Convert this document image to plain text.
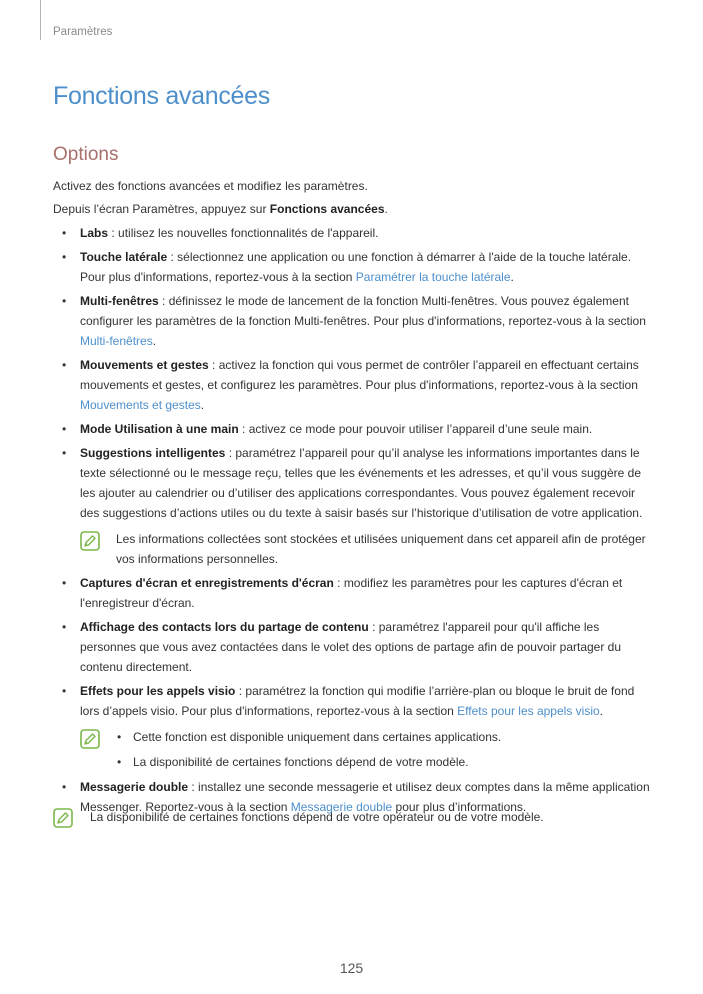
Paramètres
Fonctions avancées
Options

Activez des fonctions avancées et modifiez les paramètres.

Depuis l’écran Paramètres, appuyez sur Fonctions avancées.

• Labs : utilisez les nouvelles fonctionnalités de l'appareil.
• Touche latérale : sélectionnez une application ou une fonction à démarrer à l'aide de la touche latérale. Pour plus d'informations, reportez-vous à la section Paramétrer la touche latérale.
• Multi-fenêtres : définissez le mode de lancement de la fonction Multi-fenêtres. Vous pouvez également configurer les paramètres de la fonction Multi-fenêtres. Pour plus d'informations, reportez-vous à la section Multi-fenêtres.
• Mouvements et gestes : activez la fonction qui vous permet de contrôler l’appareil en effectuant certains mouvements et gestes, et configurez les paramètres. Pour plus d'informations, reportez-vous à la section Mouvements et gestes.
• Mode Utilisation à une main : activez ce mode pour pouvoir utiliser l’appareil d’une seule main.
• Suggestions intelligentes : paramétrez l’appareil pour qu’il analyse les informations importantes dans le texte sélectionné ou le message reçu, telles que les événements et les adresses, et qu’il vous suggère de les ajouter au calendrier ou d’utiliser des applications correspondantes. Vous pouvez également recevoir des suggestions d’actions utiles ou du texte à saisir basés sur l’historique d’utilisation de votre application.
Les informations collectées sont stockées et utilisées uniquement dans cet appareil afin de protéger vos informations personnelles.
• Captures d'écran et enregistrements d'écran : modifiez les paramètres pour les captures d'écran et l'enregistreur d'écran.
• Affichage des contacts lors du partage de contenu : paramétrez l'appareil pour qu'il affiche les personnes que vous avez contactées dans le volet des options de partage afin de pouvoir partager du contenu directement.
• Effets pour les appels visio : paramétrez la fonction qui modifie l’arrière-plan ou bloque le bruit de fond lors d’appels visio. Pour plus d'informations, reportez-vous à la section Effets pour les appels visio.
• Cette fonction est disponible uniquement dans certaines applications.
• La disponibilité de certaines fonctions dépend de votre modèle.
• Messagerie double : installez une seconde messagerie et utilisez deux comptes dans la même application Messenger. Reportez-vous à la section Messagerie double pour plus d’informations.
La disponibilité de certaines fonctions dépend de votre opérateur ou de votre modèle.
125
